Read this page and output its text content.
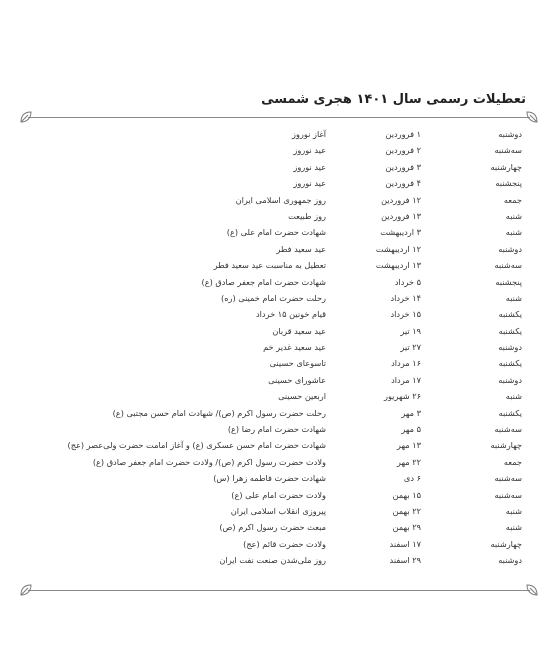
تعطیلات رسمی سال ۱۴۰۱ هجری شمسی
دوشنبه
۱ فروردین
آغاز نوروز
سه‌شنبه
۲ فروردین
عید نوروز
چهارشنبه
۳ فروردین
عید نوروز
پنجشنبه
۴ فروردین
عید نوروز
جمعه
۱۲ فروردین
روز جمهوری اسلامی ایران
شنبه
۱۳ فروردین
روز طبیعت
شنبه
۳ اردیبهشت
شهادت حضرت امام علی (ع)
دوشنبه
۱۲ اردیبهشت
عید سعید فطر
سه‌شنبه
۱۳ اردیبهشت
تعطیل به مناسبت عید سعید فطر
پنجشنبه
۵ خرداد
شهادت حضرت امام جعفر صادق (ع)
شنبه
۱۴ خرداد
رحلت حضرت امام خمینی (ره)
یکشنبه
۱۵ خرداد
قیام خونین ۱۵ خرداد
یکشنبه
۱۹ تیر
عید سعید قربان
دوشنبه
۲۷ تیر
عید سعید غدیر خم
یکشنبه
۱۶ مرداد
تاسوعای حسینی
دوشنبه
۱۷ مرداد
عاشورای حسینی
شنبه
۲۶ شهریور
اربعین حسینی
یکشنبه
۳ مهر
رحلت حضرت رسول اکرم (ص)/ شهادت امام حسن مجتبی (ع)
سه‌شنبه
۵ مهر
شهادت حضرت امام رضا (ع)
چهارشنبه
۱۳ مهر
شهادت حضرت امام حسن عسکری (ع) و آغاز امامت حضرت ولی‌عصر (عج)
جمعه
۲۲ مهر
ولادت حضرت رسول اکرم (ص)/ ولادت حضرت امام جعفر صادق (ع)
سه‌شنبه
۶ دی
شهادت حضرت فاطمه زهرا (س)
سه‌شنبه
۱۵ بهمن
ولادت حضرت امام علی (ع)
شنبه
۲۲ بهمن
پیروزی انقلاب اسلامی ایران
شنبه
۲۹ بهمن
مبعث حضرت رسول اکرم (ص)
چهارشنبه
۱۷ اسفند
ولادت حضرت قائم (عج)
دوشنبه
۲۹ اسفند
روز ملی‌شدن صنعت نفت ایران
